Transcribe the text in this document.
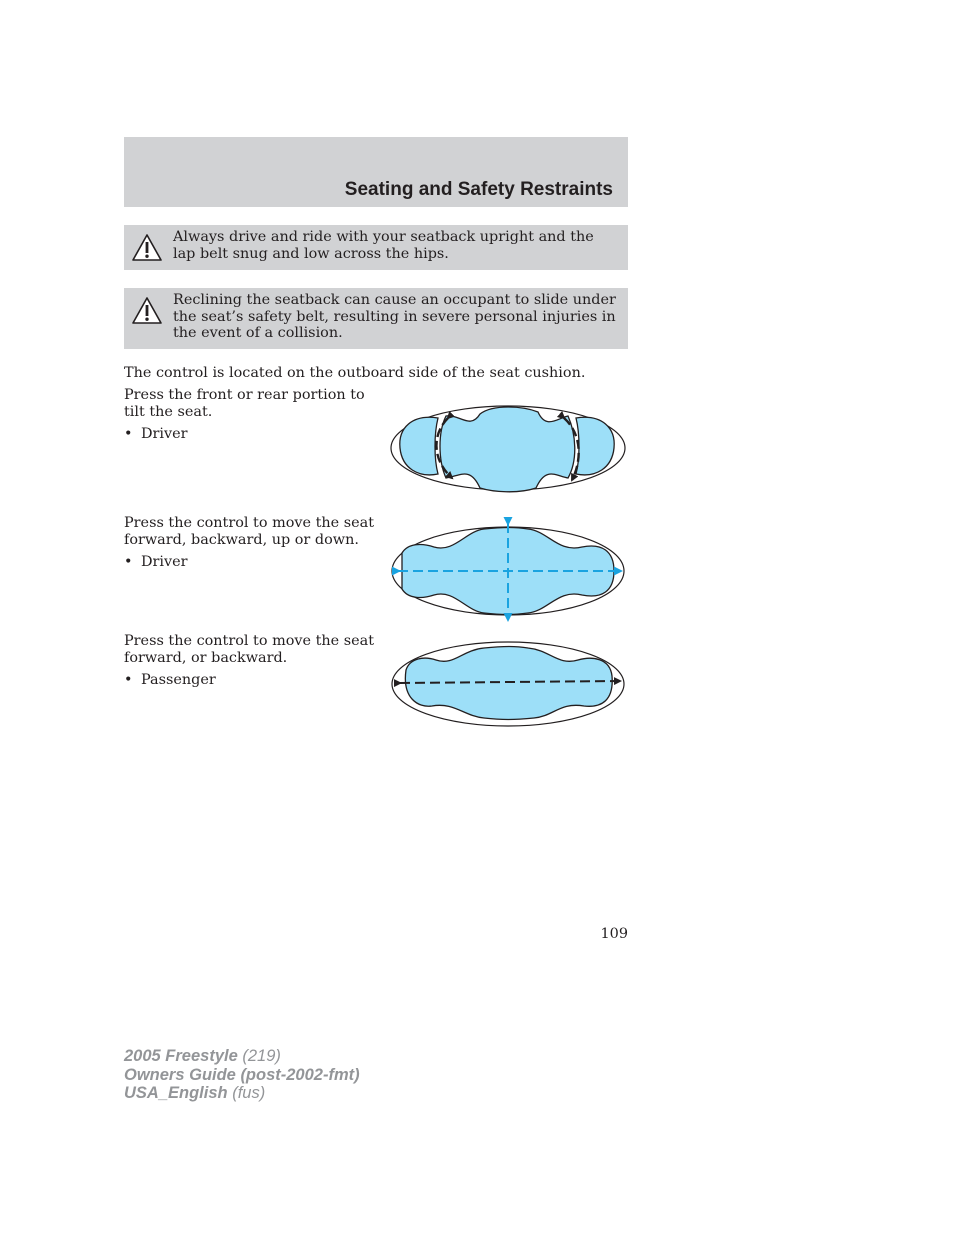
Seating and Safety Restraints
Always drive and ride with your seatback upright and the lap belt snug and low across the hips.
Reclining the seatback can cause an occupant to slide under the seat’s safety belt, resulting in severe personal injuries in the event of a collision.
The control is located on the outboard side of the seat cushion.
Press the front or rear portion to tilt the seat.
• Driver
Press the control to move the seat forward, backward, up or down.
• Driver
Press the control to move the seat forward, or backward.
• Passenger
109
2005 Freestyle (219)
Owners Guide (post-2002-fmt)
USA_English (fus)
